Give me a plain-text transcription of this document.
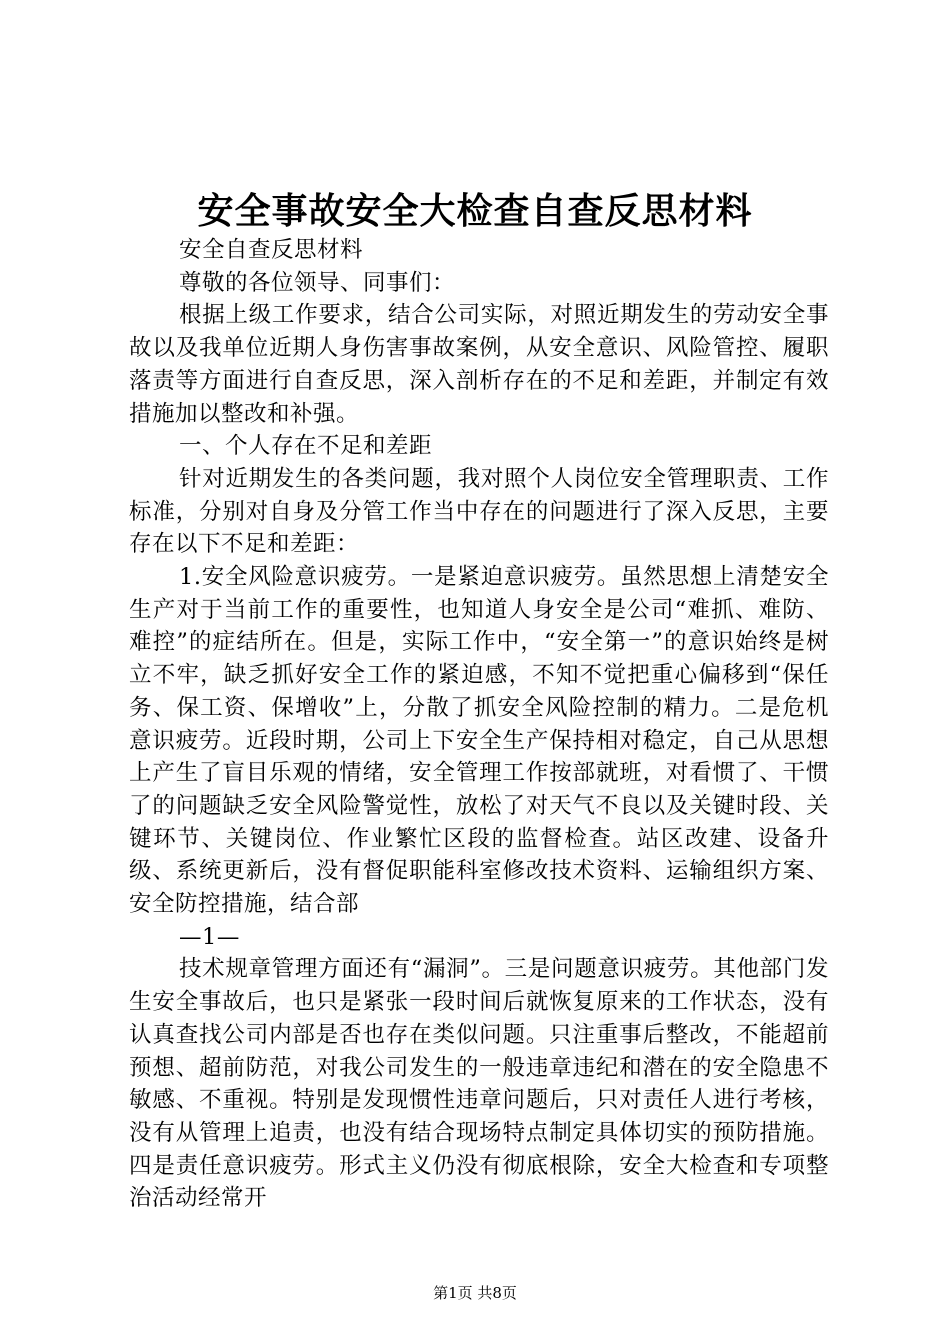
安全事故安全大检查自查反思材料

安全自查反思材料

尊敬的各位领导、同事们：

根据上级工作要求，结合公司实际，对照近期发生的劳动安全事故以及我单位近期人身伤害事故案例，从安全意识、风险管控、履职落责等方面进行自查反思，深入剖析存在的不足和差距，并制定有效措施加以整改和补强。

一、个人存在不足和差距

针对近期发生的各类问题，我对照个人岗位安全管理职责、工作标准，分别对自身及分管工作当中存在的问题进行了深入反思，主要存在以下不足和差距：

1.安全风险意识疲劳。一是紧迫意识疲劳。虽然思想上清楚安全生产对于当前工作的重要性，也知道人身安全是公司“难抓、难防、难控”的症结所在。但是，实际工作中，“安全第一”的意识始终是树立不牢，缺乏抓好安全工作的紧迫感，不知不觉把重心偏移到“保任务、保工资、保增收”上，分散了抓安全风险控制的精力。二是危机意识疲劳。近段时期，公司上下安全生产保持相对稳定，自己从思想上产生了盲目乐观的情绪，安全管理工作按部就班，对看惯了、干惯了的问题缺乏安全风险警觉性，放松了对天气不良以及关键时段、关键环节、关键岗位、作业繁忙区段的监督检查。站区改建、设备升级、系统更新后，没有督促职能科室修改技术资料、运输组织方案、安全防控措施，结合部

—1—

技术规章管理方面还有“漏洞”。三是问题意识疲劳。其他部门发生安全事故后，也只是紧张一段时间后就恢复原来的工作状态，没有认真查找公司内部是否也存在类似问题。只注重事后整改，不能超前预想、超前防范，对我公司发生的一般违章违纪和潜在的安全隐患不敏感、不重视。特别是发现惯性违章问题后，只对责任人进行考核，没有从管理上追责，也没有结合现场特点制定具体切实的预防措施。四是责任意识疲劳。形式主义仍没有彻底根除，安全大检查和专项整治活动经常开

第1页 共8页
